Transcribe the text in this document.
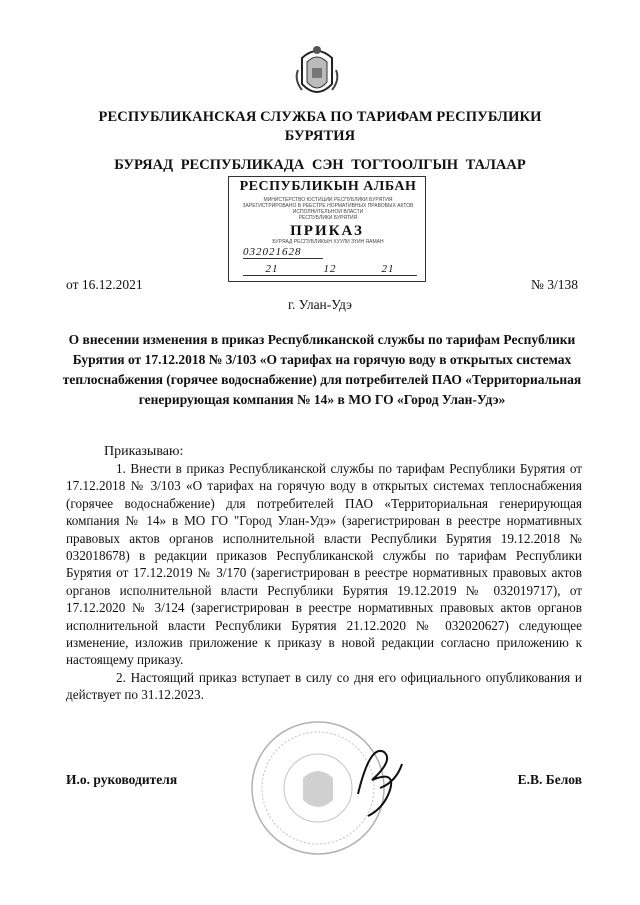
РЕСПУБЛИКАНСКАЯ СЛУЖБА ПО ТАРИФАМ РЕСПУБЛИКИ
БУРЯТИЯ
БУРЯАД РЕСПУБЛИКАДА СЭН ТОГТООЛГЫН ТАЛААР
РЕСПУБЛИКЫН АЛБАН
МИНИСТЕРСТВО ЮСТИЦИИ РЕСПУБЛИКИ БУРЯТИЯ
ЗАРЕГИСТРИРОВАНО В РЕЕСТРЕ НОРМАТИВНЫХ ПРАВОВЫХ АКТОВ
ИСПОЛНИТЕЛЬНОЙ ВЛАСТИ
РЕСПУБЛИКИ БУРЯТИЯ
БУРЯАД РЕСПУБЛИКЫН ХУУЛИ ЗҮЙН ЯАМАН
ПРИКАЗ
032021628
21	12	21
от 16.12.2021	№ 3/138
г. Улан-Удэ
О внесении изменения в приказ Республиканской службы по тарифам Республики Бурятия от 17.12.2018 № 3/103 «О тарифах на горячую воду в открытых системах теплоснабжения (горячее водоснабжение) для потребителей ПАО «Территориальная генерирующая компания № 14» в МО ГО «Город Улан-Удэ»
Приказываю:

1. Внести в приказ Республиканской службы по тарифам Республики Бурятия от 17.12.2018 № 3/103 «О тарифах на горячую воду в открытых системах теплоснабжения (горячее водоснабжение) для потребителей ПАО «Территориальная генерирующая компания № 14» в МО ГО "Город Улан-Удэ» (зарегистрирован в реестре нормативных правовых актов органов исполнительной власти Республики Бурятия 19.12.2018 № 032018678) в редакции приказов Республиканской службы по тарифам Республики Бурятия от 17.12.2019 № 3/170 (зарегистрирован в реестре нормативных правовых актов органов исполнительной власти Республики Бурятия 19.12.2019 № 032019717), от 17.12.2020 № 3/124 (зарегистрирован в реестре нормативных правовых актов органов исполнительной власти Республики Бурятия 21.12.2020 № 032020627) следующее изменение, изложив приложение к приказу в новой редакции согласно приложению к настоящему приказу.

2. Настоящий приказ вступает в силу со дня его официального опубликования и действует по 31.12.2023.

И.о. руководителя	Е.В. Белов
